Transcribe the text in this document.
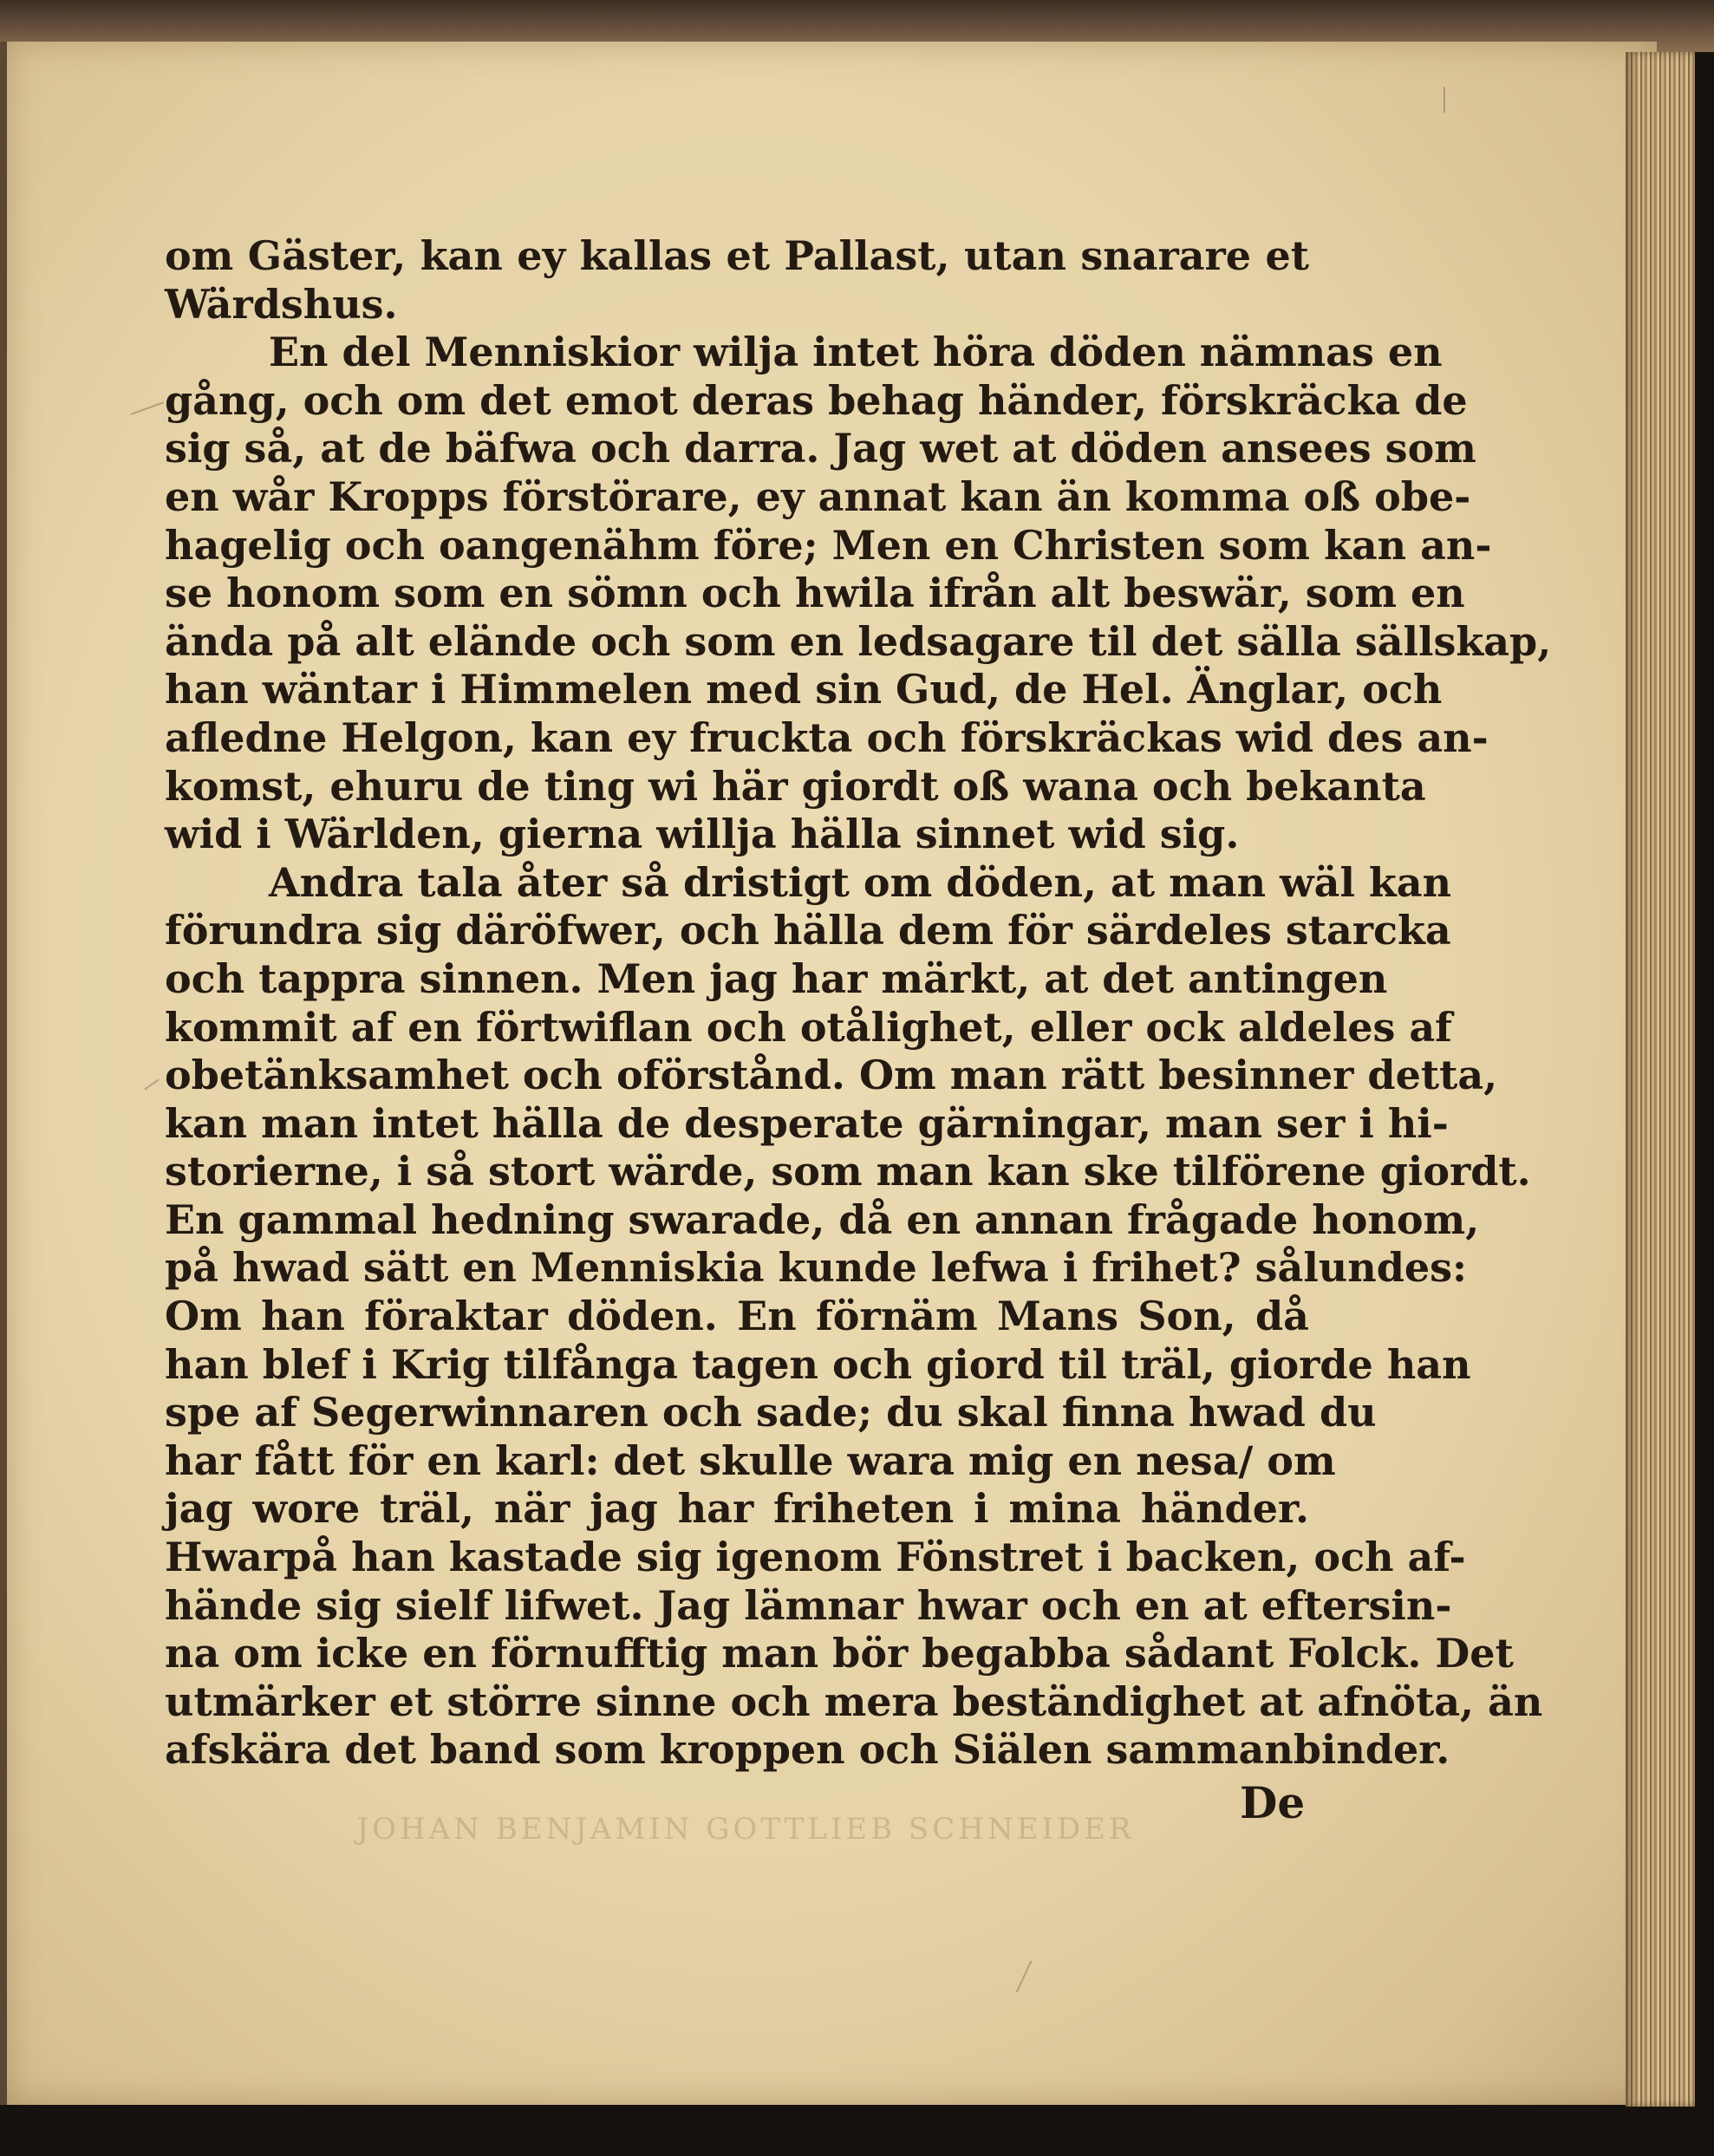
om Gäster, kan ey kallas et Pallast, utan snarare et
Wärdshus.
En del Menniskior wilja intet höra döden nämnas en
gång, och om det emot deras behag händer, förskräcka de
sig så, at de bäfwa och darra. Jag wet at döden ansees som
en wår Kropps förstörare, ey annat kan än komma oß obe-
hagelig och oangenähm före; Men en Christen som kan an-
se honom som en sömn och hwila ifrån alt beswär, som en
ända på alt elände och som en ledsagare til det sälla sällskap,
han wäntar i Himmelen med sin Gud, de Hel. Änglar, och
afledne Helgon, kan ey fruckta och förskräckas wid des an-
komst, ehuru de ting wi här giordt oß wana och bekanta
wid i Wärlden, gierna willja hälla sinnet wid sig.
Andra tala åter så dristigt om döden, at man wäl kan
förundra sig däröfwer, och hälla dem för särdeles starcka
och tappra sinnen. Men jag har märkt, at det antingen
kommit af en förtwiflan och otålighet, eller ock aldeles af
obetänksamhet och oförstånd. Om man rätt besinner detta,
kan man intet hälla de desperate gärningar, man ser i hi-
storierne, i så stort wärde, som man kan ske tilförene giordt.
En gammal hedning swarade, då en annan frågade honom,
på hwad sätt en Menniskia kunde lefwa i frihet? sålundes:
Om han föraktar döden. En förnäm Mans Son, då
han blef i Krig tilfånga tagen och giord til träl, giorde han
spe af Segerwinnaren och sade; du skal finna hwad du
har fått för en karl: det skulle wara mig en nesa/ om
jag wore träl, när jag har friheten i mina händer.
Hwarpå han kastade sig igenom Fönstret i backen, och af-
hände sig sielf lifwet. Jag lämnar hwar och en at eftersin-
na om icke en förnufftig man bör begabba sådant Folck. Det
utmärker et större sinne och mera beständighet at afnöta, än
afskära det band som kroppen och Siälen sammanbinder.
De
JOHAN BENJAMIN GOTTLIEB SCHNEIDER
